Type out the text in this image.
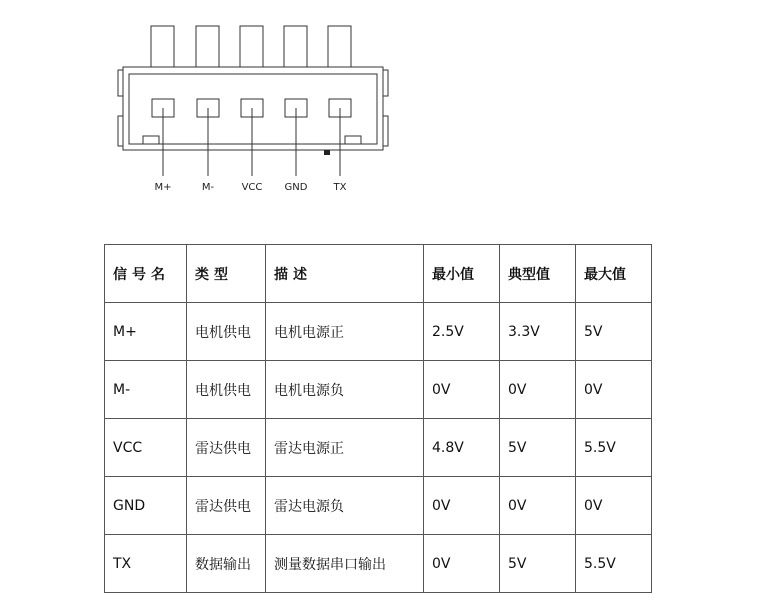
M+	M-	VCC GND	TX
信号名	类型	描述	最小值	典型值	最大值
M+	电机供电	电机电源正	2.5V	3.3V	5V
M-	电机供电	电机电源负	0V	0V	0V
VCC	雷达供电	雷达电源正	4.8V	5V	5.5V
GND	雷达供电	雷达电源负	0V	0V	0V
TX	数据输出	测量数据串口输出	0V	5V	5.5V
